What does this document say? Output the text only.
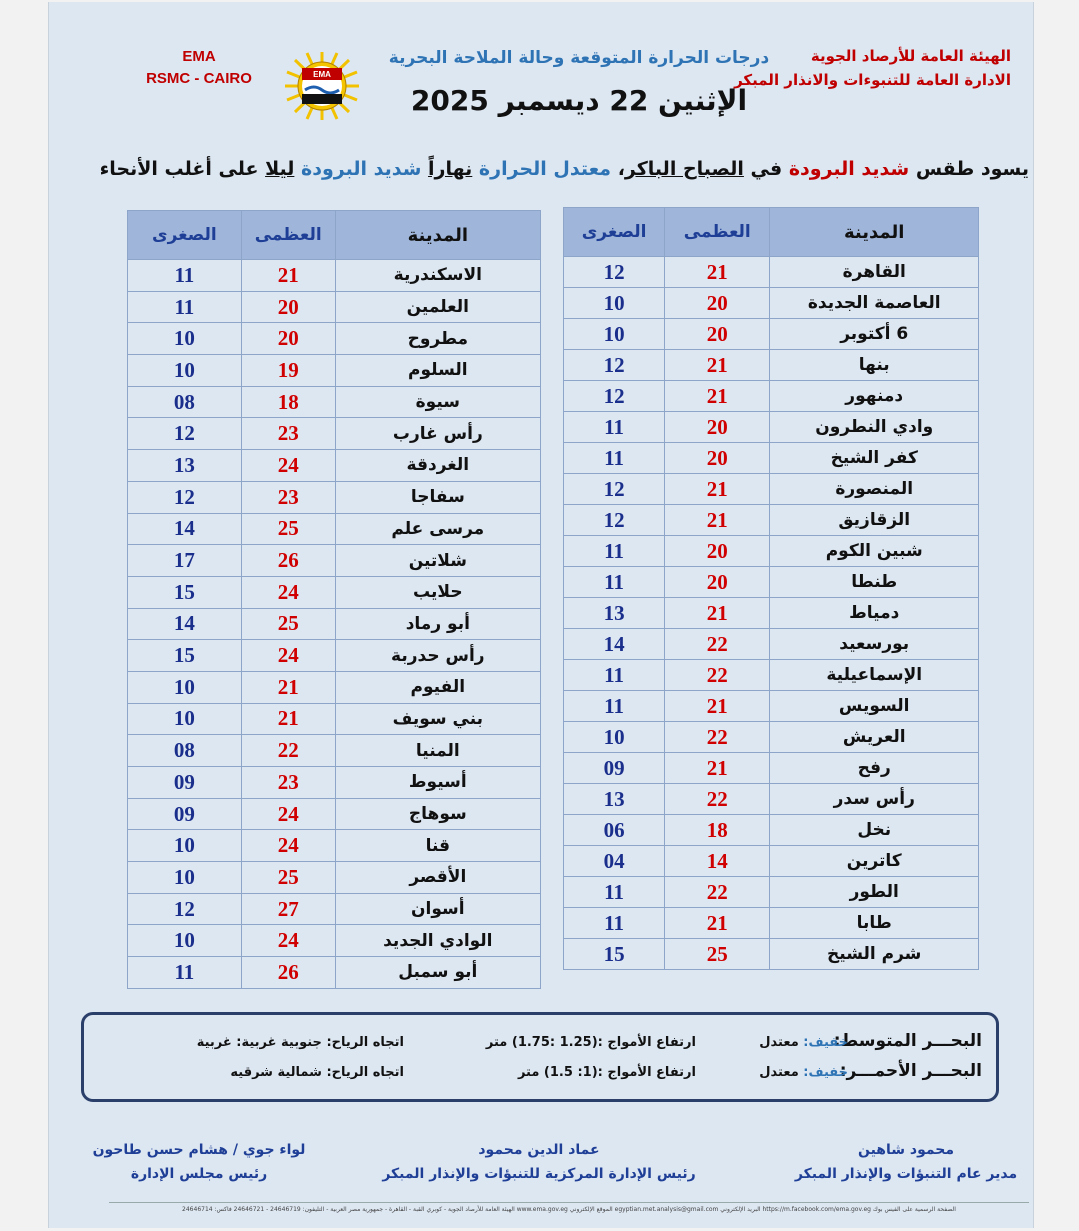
EMA
RSMC - CAIRO	EMA
درجات الحرارة المتوقعة وحالة الملاحة البحرية
الإثنين 22 ديسمبر 2025
الهيئة العامة للأرصاد الجوية
الادارة العامة للتنبوءات والانذار المبكر
يسود طقس شديد البرودة في الصباح الباكر، معتدل الحرارة نهاراً شديد البرودة ليلا على أغلب الأنحاء
المدينة	العظمى	الصغرى
القاهرة	21	12
العاصمة الجديدة	20	10
6 أكتوبر	20	10
بنها	21	12
دمنهور	21	12
وادي النطرون	20	11
كفر الشيخ	20	11
المنصورة	21	12
الزقازيق	21	12
شبين الكوم	20	11
طنطا	20	11
دمياط	21	13
بورسعيد	22	14
الإسماعيلية	22	11
السويس	21	11
العريش	22	10
رفح	21	09
رأس سدر	22	13
نخل	18	06
كاترين	14	04
الطور	22	11
طابا	21	11
شرم الشيخ	25	15
المدينة	العظمى	الصغرى
الاسكندرية	21	11
العلمين	20	11
مطروح	20	10
السلوم	19	10
سيوة	18	08
رأس غارب	23	12
الغردقة	24	13
سفاجا	23	12
مرسى علم	25	14
شلاتين	26	17
حلايب	24	15
أبو رماد	25	14
رأس حدربة	24	15
الفيوم	21	10
بني سويف	21	10
المنيا	22	08
أسيوط	23	09
سوهاج	24	09
قنا	24	10
الأقصر	25	10
أسوان	27	12
الوادي الجديد	24	10
أبو سمبل	26	11
البحـــر المتوسط:
خفيف: معتدل
ارتفاع الأمواج :(1.25 :1.75) متر
اتجاه الرياح: جنوبية غربية: غربية
البحـــر الأحمـــر:
خفيف: معتدل
ارتفاع الأمواج :(1: 1.5) متر
اتجاه الرياح: شمالية شرقيه
محمود شاهين
مدير عام التنبؤات والإنذار المبكر
عماد الدين محمود
رئيس الإدارة المركزية للتنبؤات والإنذار المبكر
لواء جوي / هشام حسن طاحون
رئيس مجلس الإدارة
الصفحة الرسمية على الفيس بوك https://m.facebook.com/ema.gov.eg البريد الإلكتروني egyptian.met.analysis@gmail.com الموقع الإلكتروني www.ema.gov.eg الهيئة العامة للأرصاد الجوية - كوبري القبة - القاهرة - جمهورية مصر العربية - التليفون: 24646719 - 24646721 فاكس: 24646714
